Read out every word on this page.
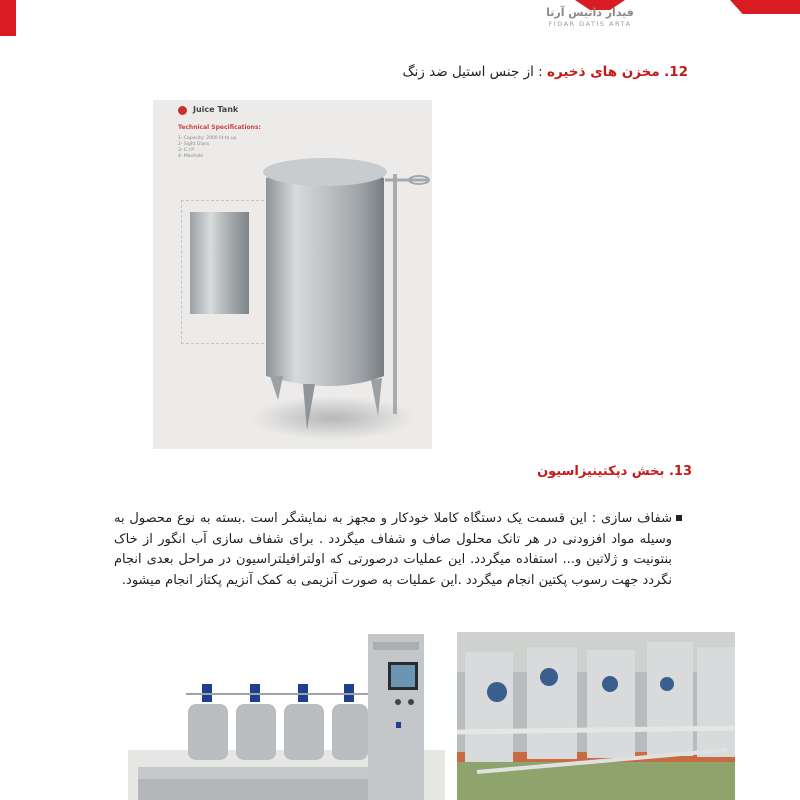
فیدار داتیس آرتا
FIDAR DATIS ARTA
12. مخزن های ذخیره : از جنس استیل ضد زنگ
Juice Tank
Technical Specifications:
1- Capacity: 2000 lit to up
2- Sight Glass
3- C.I.P
4- Manhole
13. بخش دپکتینیزاسیون
شفاف سازی : این قسمت یک دستگاه کاملا خودکار و مجهز به نمایشگر است .بسته به نوع محصول به وسیله مواد افزودنی در هر تانک محلول صاف و شفاف میگردد . برای شفاف سازی آب انگور از خاک بنتونیت و ژلاتین و... استفاده میگردد. این عملیات درصورتی که اولترافیلتراسیون در مراحل بعدی انجام نگردد جهت رسوب پکتین انجام میگردد .این عملیات به صورت آنزیمی به کمک آنزیم پکتاز انجام میشود.
